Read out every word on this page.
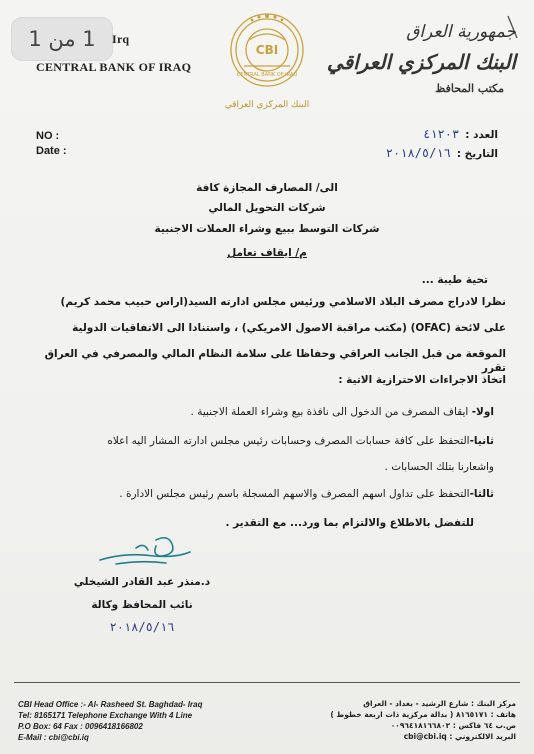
1 من 1	Irq
CENTRAL BANK OF IRAQ
CBI
CENTRAL BANK OF IRAQ
البنك المركزي العراقي
جمهورية العراق
البنك المركزي العراقي
مكتب المحافظ
NO :
Date :
العدد :٤١٢٠٣
التاريخ :٢٠١٨/٥/١٦
الى/ المصارف المجازة كافة
شركات التحويل المالي
شركات التوسط ببيع وشراء العملات الاجنبية
م/ ايقاف تعامل
تحية طيبة ...
نظرا لادراج مصرف البلاد الاسلامي ورئيس مجلس ادارته السيد(اراس حبيب محمد كريم)
على لائحة (OFAC) (مكتب مراقبة الاصول الامريكي) ، واستنادا الى الاتفاقيات الدولية
الموقعة من قبل الجانب العراقي وحفاظا على سلامة النظام المالي والمصرفي في العراق تقرر
اتخاذ الاجراءات الاحترازية الاتية :
اولا- ايقاف المصرف من الدخول الى نافذة بيع وشراء العملة الاجنبية .
ثانيا-التحفظ على كافة حسابات المصرف وحسابات رئيس مجلس ادارته المشار اليه اعلاه
واشعارنا بتلك الحسابات .
ثالثا-التحفظ على تداول اسهم المصرف والاسهم المسجلة باسم رئيس مجلس الادارة .
للتفضل بالاطلاع والالتزام بما ورد... مع التقدير .
د.منذر عبد القادر الشيخلي
نائب المحافظ وكالة
٢٠١٨/٥/١٦
CBI Head Office :- Al- Rasheed St. Baghdad- Iraq
Tel: 8165171 Telephone Exchange With 4 Line
P.O Box: 64 Fax : 0096418166802
E-Mail : cbi@cbi.iq
مركز البنك : شارع الرشيد - بغداد - العراق
هاتف : ٨١٦٥١٧١ ( بدالة مركزية ذات اربعة خطوط )
ص.ب ٦٤ فاكس : ٠٠٩٦٤١٨١٦٦٨٠٢
البريد الالكتروني : cbi@cbi.iq
